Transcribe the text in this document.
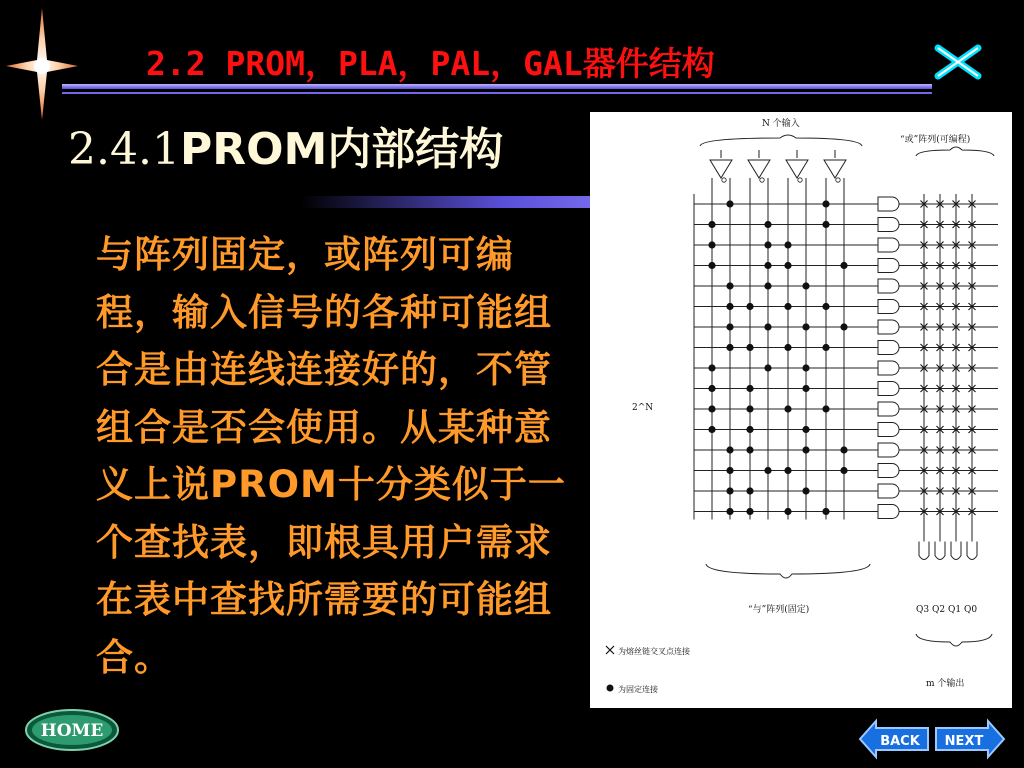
2.2 PROM，PLA，PAL，GAL器件结构
2.4.1PROM内部结构
与阵列固定，或阵列可编程，输入信号的各种可能组合是由连线连接好的，不管组合是否会使用。从某种意义上说PROM十分类似于一个查找表，即根具用户需求在表中查找所需要的可能组合。
N 个输入
“或”阵列(可编程)
2^N
“与”阵列(固定)
m 个输出
为熔丝链交叉点连接
为固定连接
Q3 Q2 Q1 Q0
HOME
BACK NEXT
